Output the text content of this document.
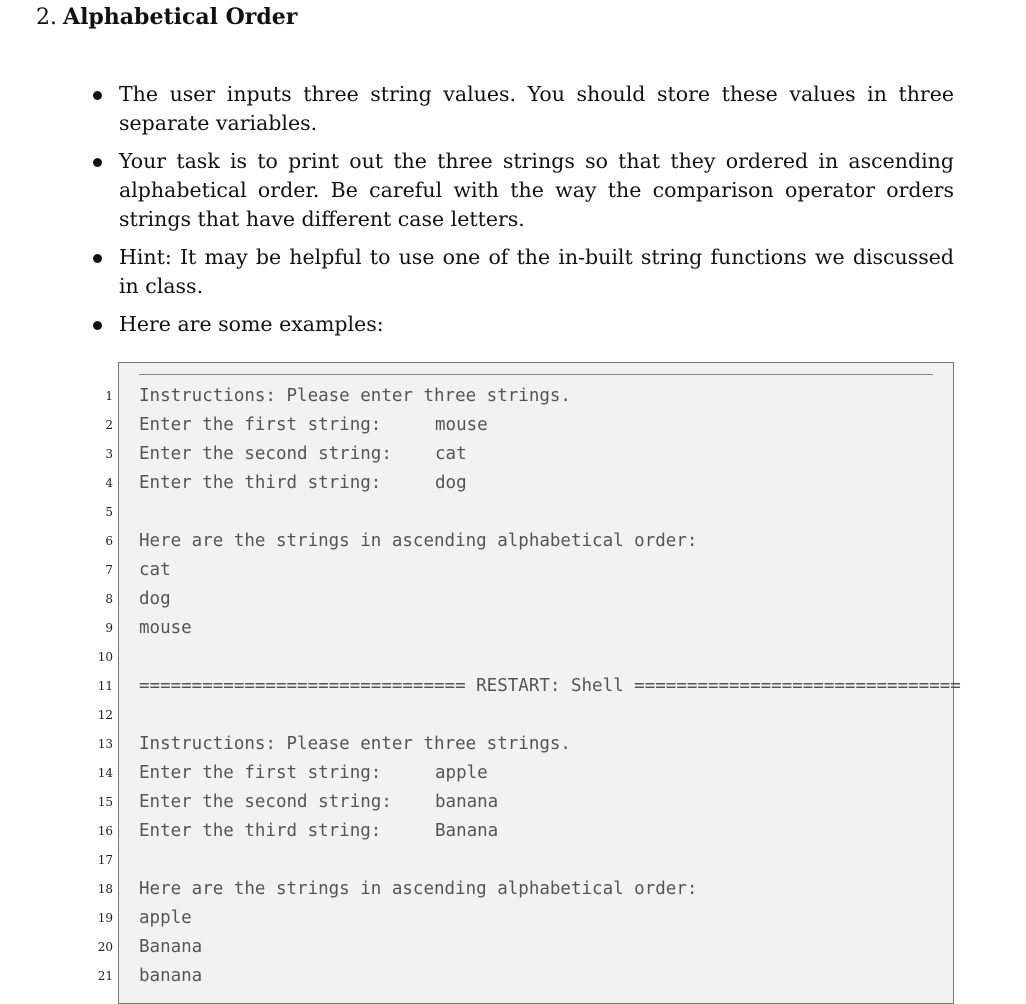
2. Alphabetical Order
The user inputs three string values. You should store these values in three separate variables.
Your task is to print out the three strings so that they ordered in ascending alphabetical order. Be careful with the way the comparison operator orders strings that have different case letters.
Hint: It may be helpful to use one of the in-built string functions we discussed in class.
Here are some examples:
1
2
3
4
5
6
7
8
9
10
11
12
13
14
15
16
17
18
19
20
21
Instructions: Please enter three strings.
Enter the first string:	mouse
Enter the second string: cat
Enter the third string:	dog
Here are the strings in ascending alphabetical order:
cat
dog
mouse
=============================== RESTART: Shell ===============================
Instructions: Please enter three strings.
Enter the first string:	apple
Enter the second string: banana
Enter the third string:	Banana
Here are the strings in ascending alphabetical order:
apple
Banana
banana
